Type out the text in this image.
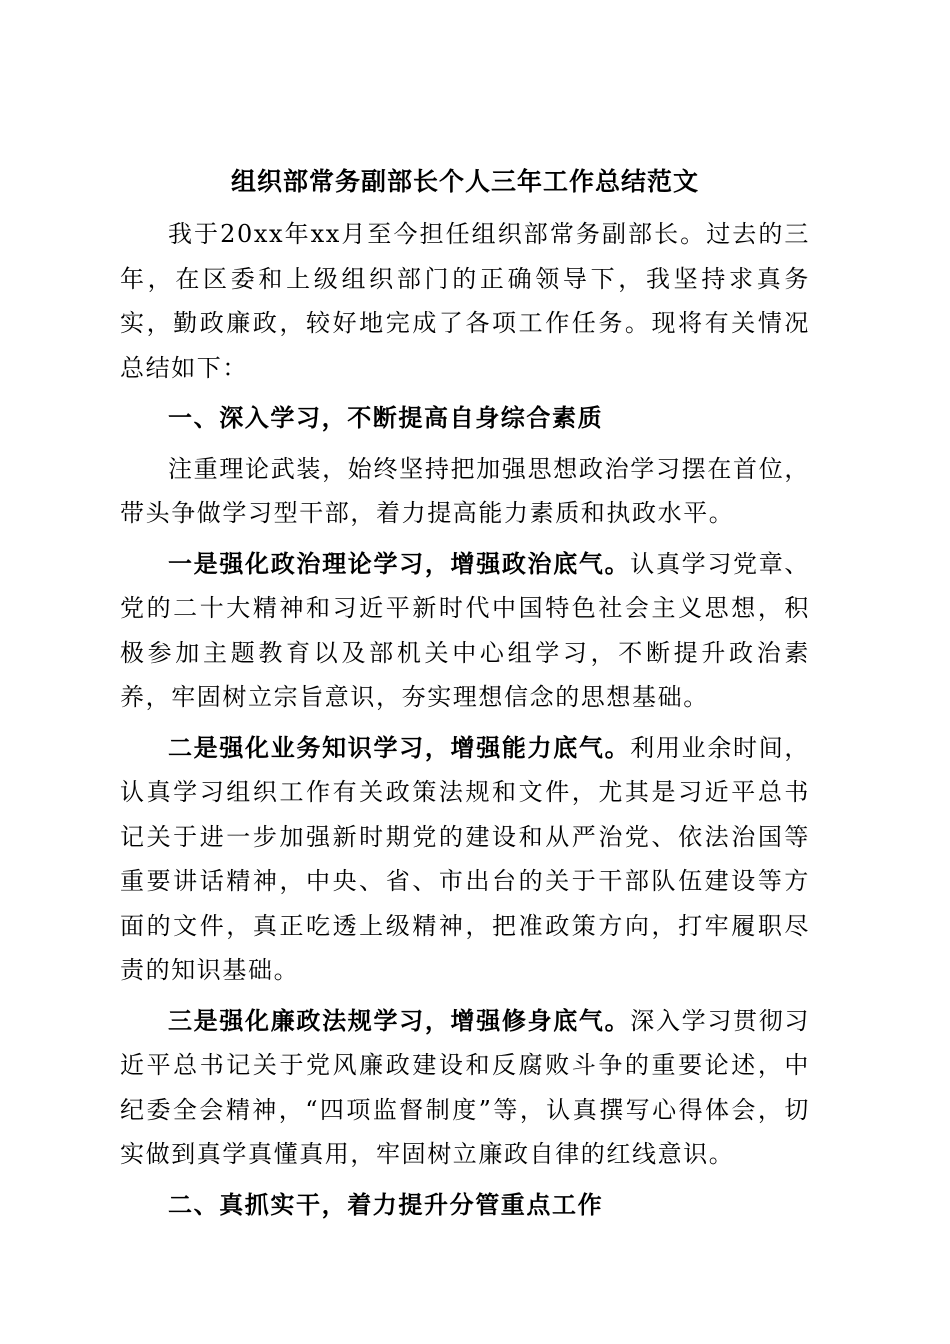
组织部常务副部长个人三年工作总结范文

我于20xx年xx月至今担任组织部常务副部长。过去的三年，在区委和上级组织部门的正确领导下，我坚持求真务实，勤政廉政，较好地完成了各项工作任务。现将有关情况总结如下：

一、深入学习，不断提高自身综合素质

注重理论武装，始终坚持把加强思想政治学习摆在首位，带头争做学习型干部，着力提高能力素质和执政水平。

一是强化政治理论学习，增强政治底气。认真学习党章、党的二十大精神和习近平新时代中国特色社会主义思想，积极参加主题教育以及部机关中心组学习，不断提升政治素养，牢固树立宗旨意识，夯实理想信念的思想基础。

二是强化业务知识学习，增强能力底气。利用业余时间，认真学习组织工作有关政策法规和文件，尤其是习近平总书记关于进一步加强新时期党的建设和从严治党、依法治国等重要讲话精神，中央、省、市出台的关于干部队伍建设等方面的文件，真正吃透上级精神，把准政策方向，打牢履职尽责的知识基础。

三是强化廉政法规学习，增强修身底气。深入学习贯彻习近平总书记关于党风廉政建设和反腐败斗争的重要论述，中纪委全会精神，“四项监督制度”等，认真撰写心得体会，切实做到真学真懂真用，牢固树立廉政自律的红线意识。

二、真抓实干，着力提升分管重点工作
